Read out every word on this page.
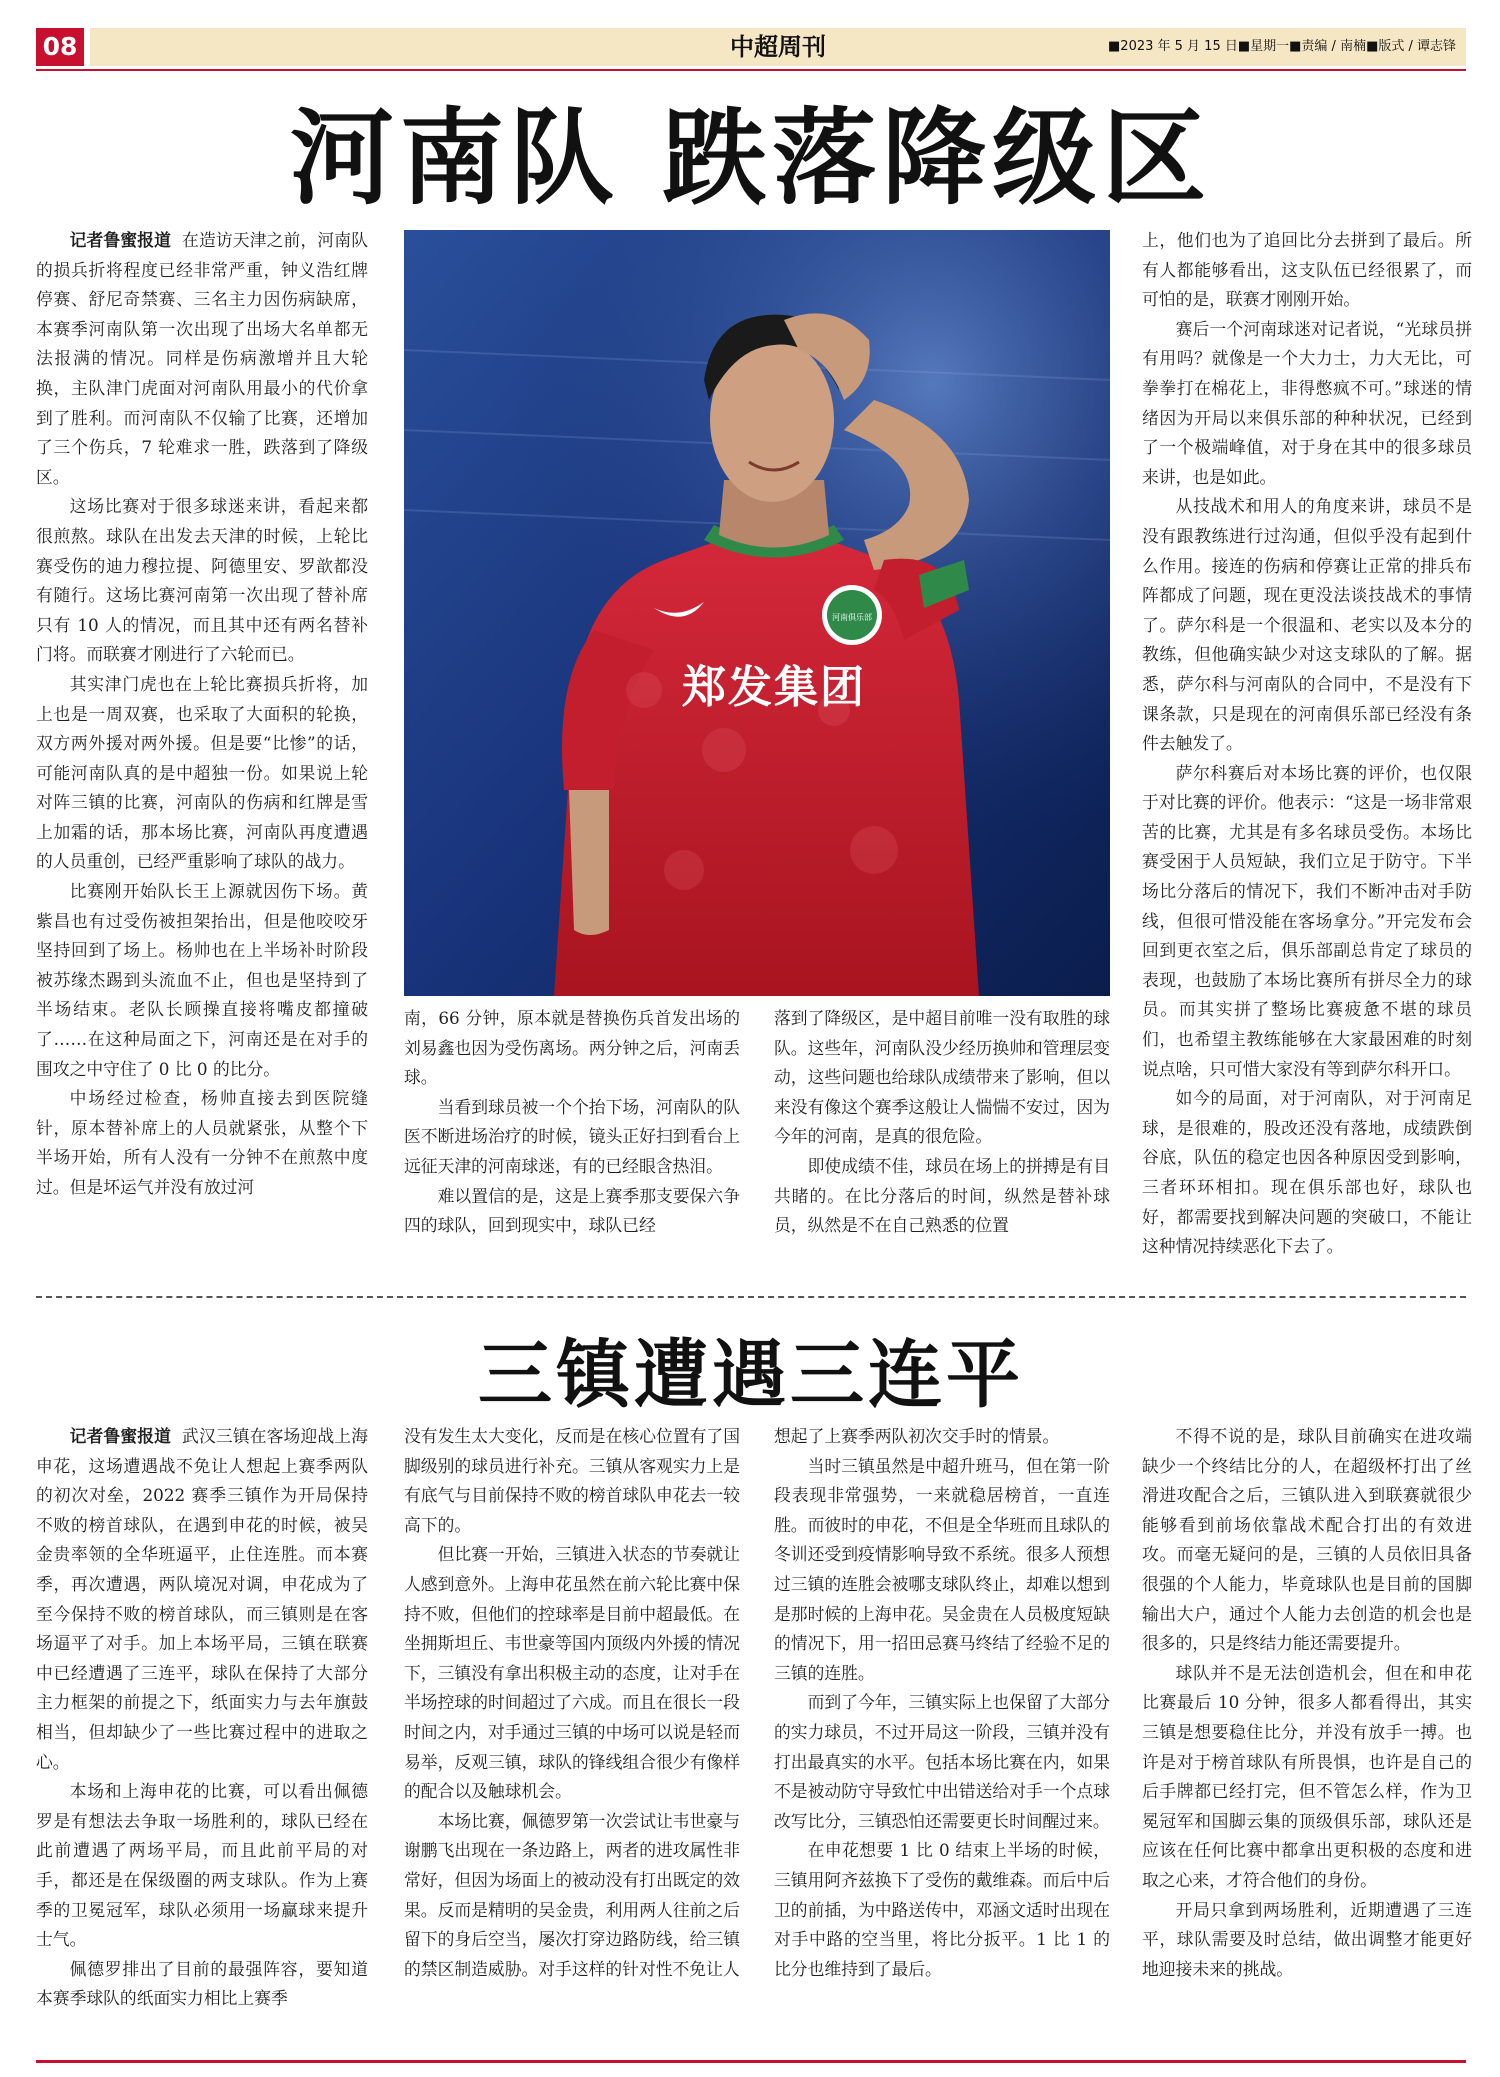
08	中超周刊	■2023 年 5 月 15 日■星期一■责编 / 南楠■版式 / 谭志锋
河南队 跌落降级区

记者鲁蜜报道 在造访天津之前，河南队的损兵折将程度已经非常严重，钟义浩红牌停赛、舒尼奇禁赛、三名主力因伤病缺席，本赛季河南队第一次出现了出场大名单都无法报满的情况。同样是伤病激增并且大轮换，主队津门虎面对河南队用最小的代价拿到了胜利。而河南队不仅输了比赛，还增加了三个伤兵，7 轮难求一胜，跌落到了降级区。

这场比赛对于很多球迷来讲，看起来都很煎熬。球队在出发去天津的时候，上轮比赛受伤的迪力穆拉提、阿德里安、罗歆都没有随行。这场比赛河南第一次出现了替补席只有 10 人的情况，而且其中还有两名替补门将。而联赛才刚进行了六轮而已。

其实津门虎也在上轮比赛损兵折将，加上也是一周双赛，也采取了大面积的轮换，双方两外援对两外援。但是要“比惨”的话，可能河南队真的是中超独一份。如果说上轮对阵三镇的比赛，河南队的伤病和红牌是雪上加霜的话，那本场比赛，河南队再度遭遇的人员重创，已经严重影响了球队的战力。

比赛刚开始队长王上源就因伤下场。黄紫昌也有过受伤被担架抬出，但是他咬咬牙坚持回到了场上。杨帅也在上半场补时阶段被苏缘杰踢到头流血不止，但也是坚持到了半场结束。老队长顾操直接将嘴皮都撞破了……在这种局面之下，河南还是在对手的围攻之中守住了 0 比 0 的比分。

中场经过检查，杨帅直接去到医院缝针，原本替补席上的人员就紧张，从整个下半场开始，所有人没有一分钟不在煎熬中度过。但是坏运气并没有放过河

河南俱乐部
郑发集团

南，66 分钟，原本就是替换伤兵首发出场的刘易鑫也因为受伤离场。两分钟之后，河南丢球。

当看到球员被一个个抬下场，河南队的队医不断进场治疗的时候，镜头正好扫到看台上远征天津的河南球迷，有的已经眼含热泪。

难以置信的是，这是上赛季那支要保六争四的球队，回到现实中，球队已经

落到了降级区，是中超目前唯一没有取胜的球队。这些年，河南队没少经历换帅和管理层变动，这些问题也给球队成绩带来了影响，但以来没有像这个赛季这般让人惴惴不安过，因为今年的河南，是真的很危险。

即使成绩不佳，球员在场上的拼搏是有目共睹的。在比分落后的时间，纵然是替补球员，纵然是不在自己熟悉的位置

上，他们也为了追回比分去拼到了最后。所有人都能够看出，这支队伍已经很累了，而可怕的是，联赛才刚刚开始。

赛后一个河南球迷对记者说，“光球员拼有用吗？就像是一个大力士，力大无比，可拳拳打在棉花上，非得憋疯不可。”球迷的情绪因为开局以来俱乐部的种种状况，已经到了一个极端峰值，对于身在其中的很多球员来讲，也是如此。

从技战术和用人的角度来讲，球员不是没有跟教练进行过沟通，但似乎没有起到什么作用。接连的伤病和停赛让正常的排兵布阵都成了问题，现在更没法谈技战术的事情了。萨尔科是一个很温和、老实以及本分的教练，但他确实缺少对这支球队的了解。据悉，萨尔科与河南队的合同中，不是没有下课条款，只是现在的河南俱乐部已经没有条件去触发了。

萨尔科赛后对本场比赛的评价，也仅限于对比赛的评价。他表示：“这是一场非常艰苦的比赛，尤其是有多名球员受伤。本场比赛受困于人员短缺，我们立足于防守。下半场比分落后的情况下，我们不断冲击对手防线，但很可惜没能在客场拿分。”开完发布会回到更衣室之后，俱乐部副总肯定了球员的表现，也鼓励了本场比赛所有拼尽全力的球员。而其实拼了整场比赛疲惫不堪的球员们，也希望主教练能够在大家最困难的时刻说点啥，只可惜大家没有等到萨尔科开口。

如今的局面，对于河南队，对于河南足球，是很难的，股改还没有落地，成绩跌倒谷底，队伍的稳定也因各种原因受到影响，三者环环相扣。现在俱乐部也好，球队也好，都需要找到解决问题的突破口，不能让这种情况持续恶化下去了。

三镇遭遇三连平

记者鲁蜜报道 武汉三镇在客场迎战上海申花，这场遭遇战不免让人想起上赛季两队的初次对垒，2022 赛季三镇作为开局保持不败的榜首球队，在遇到申花的时候，被吴金贵率领的全华班逼平，止住连胜。而本赛季，再次遭遇，两队境况对调，申花成为了至今保持不败的榜首球队，而三镇则是在客场逼平了对手。加上本场平局，三镇在联赛中已经遭遇了三连平，球队在保持了大部分主力框架的前提之下，纸面实力与去年旗鼓相当，但却缺少了一些比赛过程中的进取之心。

本场和上海申花的比赛，可以看出佩德罗是有想法去争取一场胜利的，球队已经在此前遭遇了两场平局，而且此前平局的对手，都还是在保级圈的两支球队。作为上赛季的卫冕冠军，球队必须用一场赢球来提升士气。

佩德罗排出了目前的最强阵容，要知道本赛季球队的纸面实力相比上赛季

没有发生太大变化，反而是在核心位置有了国脚级别的球员进行补充。三镇从客观实力上是有底气与目前保持不败的榜首球队申花去一较高下的。

但比赛一开始，三镇进入状态的节奏就让人感到意外。上海申花虽然在前六轮比赛中保持不败，但他们的控球率是目前中超最低。在坐拥斯坦丘、韦世豪等国内顶级内外援的情况下，三镇没有拿出积极主动的态度，让对手在半场控球的时间超过了六成。而且在很长一段时间之内，对手通过三镇的中场可以说是轻而易举，反观三镇，球队的锋线组合很少有像样的配合以及触球机会。

本场比赛，佩德罗第一次尝试让韦世豪与谢鹏飞出现在一条边路上，两者的进攻属性非常好，但因为场面上的被动没有打出既定的效果。反而是精明的吴金贵，利用两人往前之后留下的身后空当，屡次打穿边路防线，给三镇的禁区制造威胁。对手这样的针对性不免让人

想起了上赛季两队初次交手时的情景。

当时三镇虽然是中超升班马，但在第一阶段表现非常强势，一来就稳居榜首，一直连胜。而彼时的申花，不但是全华班而且球队的冬训还受到疫情影响导致不系统。很多人预想过三镇的连胜会被哪支球队终止，却难以想到是那时候的上海申花。吴金贵在人员极度短缺的情况下，用一招田忌赛马终结了经验不足的三镇的连胜。

而到了今年，三镇实际上也保留了大部分的实力球员，不过开局这一阶段，三镇并没有打出最真实的水平。包括本场比赛在内，如果不是被动防守导致忙中出错送给对手一个点球改写比分，三镇恐怕还需要更长时间醒过来。

在申花想要 1 比 0 结束上半场的时候，三镇用阿齐兹换下了受伤的戴维森。而后中后卫的前插，为中路送传中，邓涵文适时出现在对手中路的空当里，将比分扳平。1 比 1 的比分也维持到了最后。

不得不说的是，球队目前确实在进攻端缺少一个终结比分的人，在超级杯打出了丝滑进攻配合之后，三镇队进入到联赛就很少能够看到前场依靠战术配合打出的有效进攻。而毫无疑问的是，三镇的人员依旧具备很强的个人能力，毕竟球队也是目前的国脚输出大户，通过个人能力去创造的机会也是很多的，只是终结力能还需要提升。

球队并不是无法创造机会，但在和申花比赛最后 10 分钟，很多人都看得出，其实三镇是想要稳住比分，并没有放手一搏。也许是对于榜首球队有所畏惧，也许是自己的后手牌都已经打完，但不管怎么样，作为卫冕冠军和国脚云集的顶级俱乐部，球队还是应该在任何比赛中都拿出更积极的态度和进取之心来，才符合他们的身份。

开局只拿到两场胜利，近期遭遇了三连平，球队需要及时总结，做出调整才能更好地迎接未来的挑战。
